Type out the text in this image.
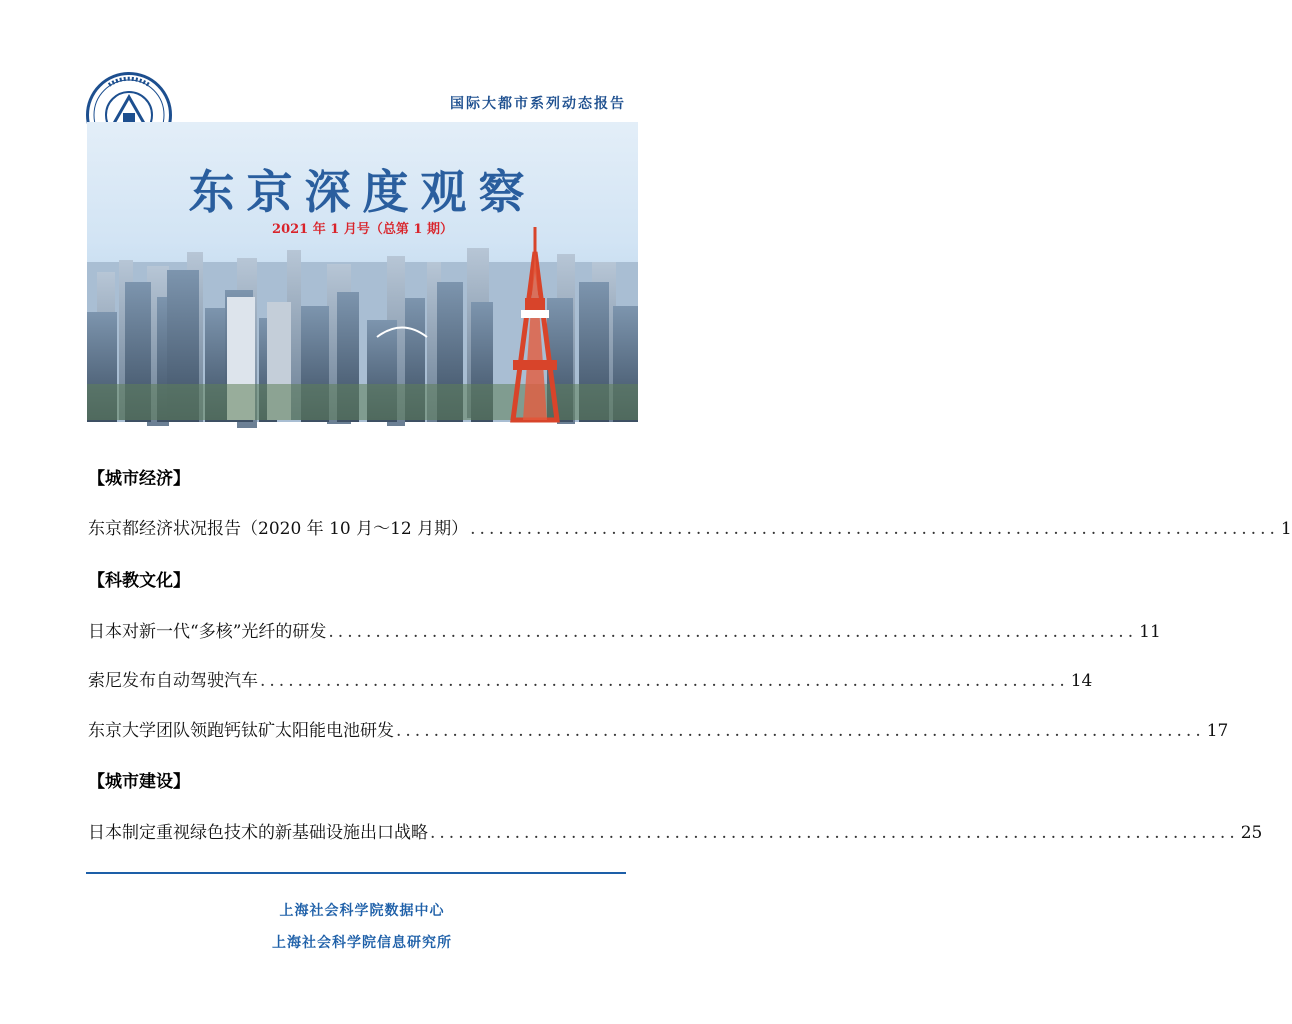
国际大都市系列动态报告
东京深度观察
2021 年 1 月号（总第 1 期）
【城市经济】
东京都经济状况报告（2020 年 10 月～12 月期） ...................................................................................... 1
【科教文化】
日本对新一代“多核”光纤的研发 ...................................................................................... 11
索尼发布自动驾驶汽车 ...................................................................................... 14
东京大学团队领跑钙钛矿太阳能电池研发 ...................................................................................... 17
【城市建设】
日本制定重视绿色技术的新基础设施出口战略 ...................................................................................... 25
上海社会科学院数据中心
上海社会科学院信息研究所
